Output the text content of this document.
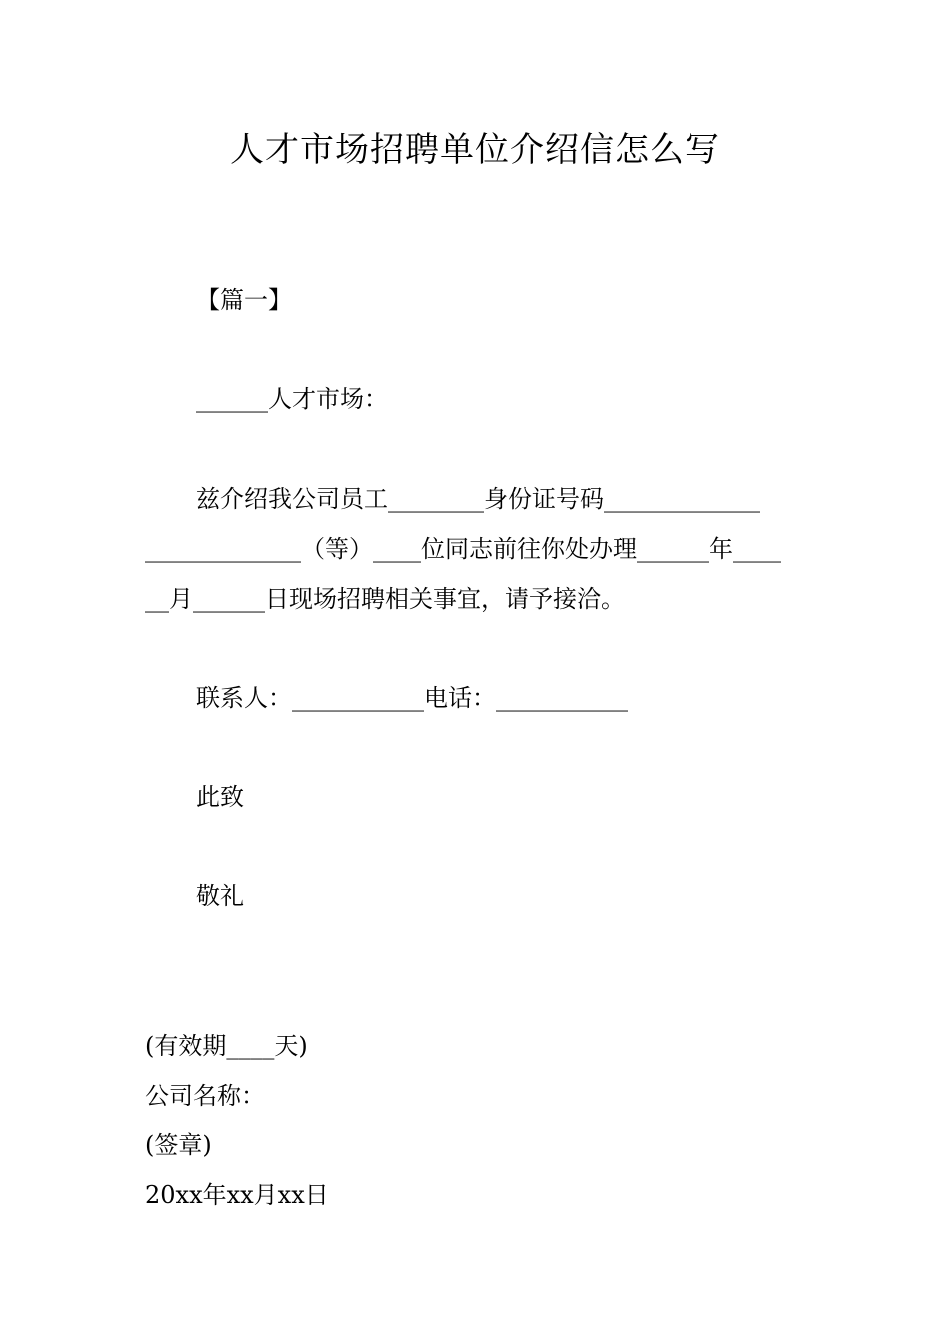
人才市场招聘单位介绍信怎么写
【篇一】
______人才市场：
兹介绍我公司员工________身份证号码_____________
_____________（等）____位同志前往你处办理______年____
__月______日现场招聘相关事宜，请予接洽。
联系人：___________电话：___________
此致
敬礼
(有效期____天)
公司名称：
(签章)
20xx年xx月xx日
